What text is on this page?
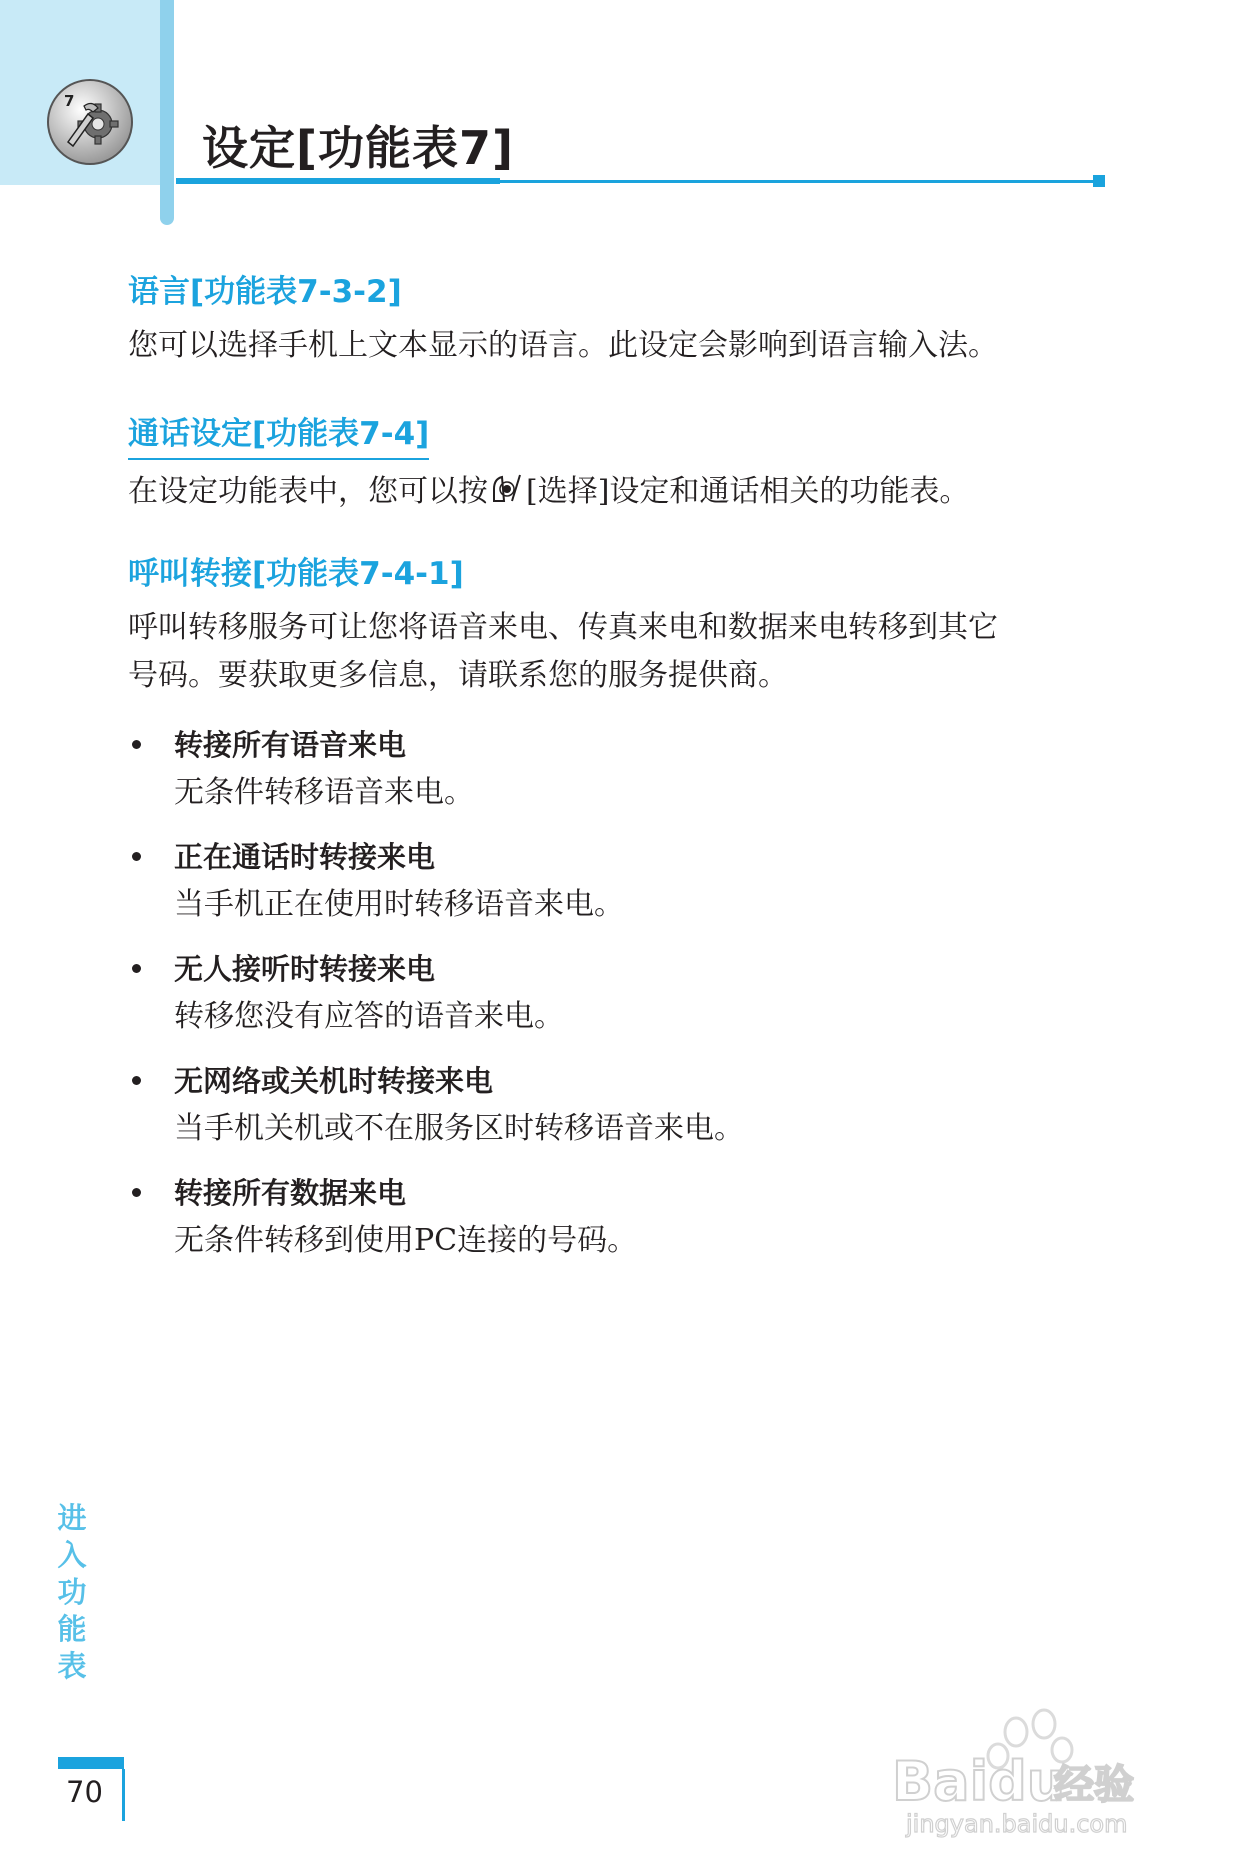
7
设定[功能表7]
语言[功能表7-3-2]

您可以选择手机上文本显示的语言。此设定会影响到语言输入法。

通话设定[功能表7-4]

在设定功能表中，您可以按 [选择]设定和通话相关的功能表。

呼叫转接[功能表7-4-1]

呼叫转移服务可让您将语音来电、传真来电和数据来电转移到其它号码。要获取更多信息，请联系您的服务提供商。

转接所有语音来电
无条件转移语音来电。
正在通话时转接来电
当手机正在使用时转移语音来电。
无人接听时转接来电
转移您没有应答的语音来电。
无网络或关机时转接来电
当手机关机或不在服务区时转移语音来电。
转接所有数据来电
无条件转移到使用PC连接的号码。
进
入
功
能
表
70	Baidu
经验
jingyan.baidu.com
